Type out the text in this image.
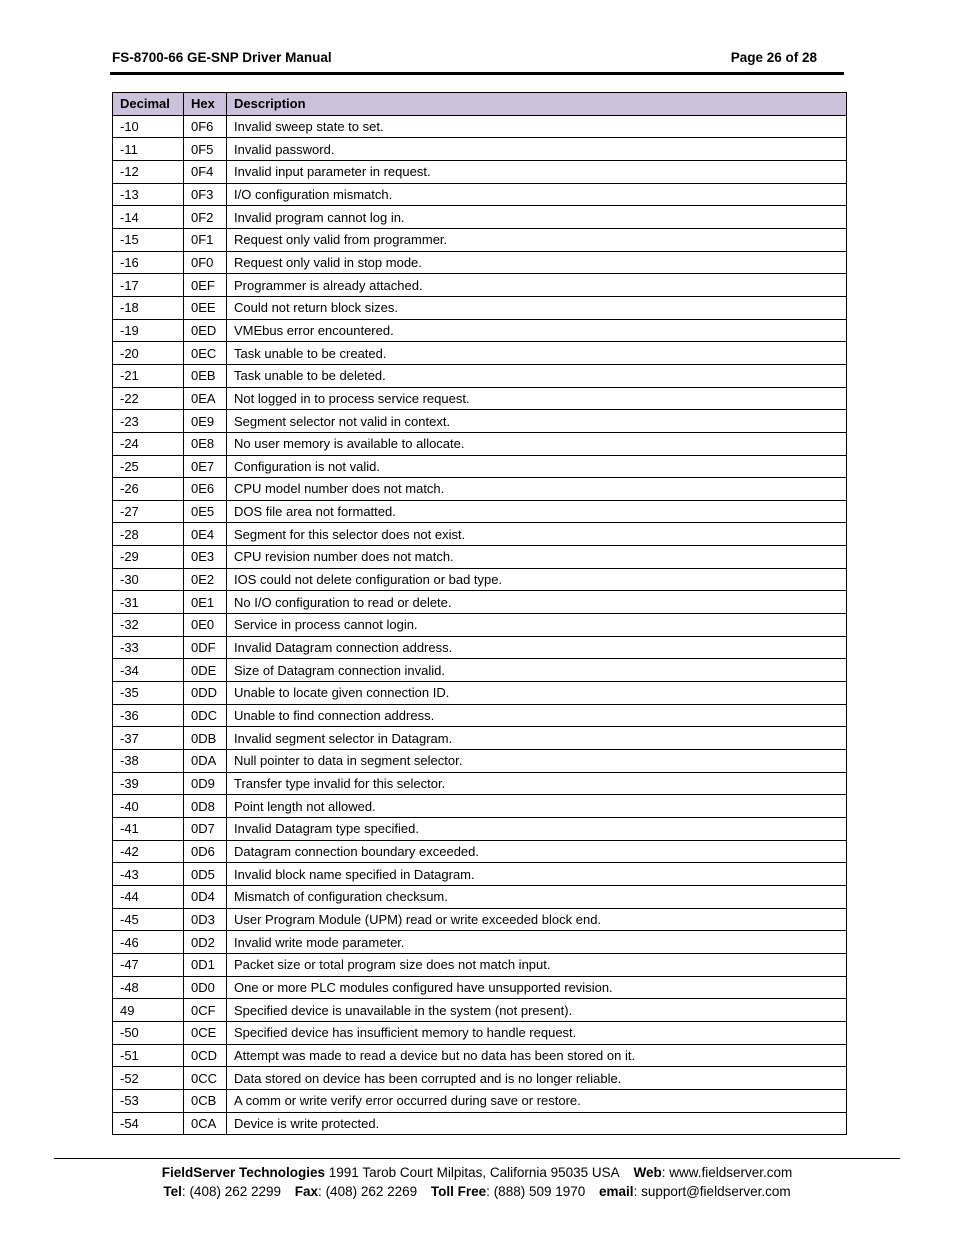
FS-8700-66 GE-SNP Driver Manual	Page 26 of 28
Decimal	Hex	Description
-10	0F6	Invalid sweep state to set.
-11	0F5	Invalid password.
-12	0F4	Invalid input parameter in request.
-13	0F3	I/O configuration mismatch.
-14	0F2	Invalid program cannot log in.
-15	0F1	Request only valid from programmer.
-16	0F0	Request only valid in stop mode.
-17	0EF	Programmer is already attached.
-18	0EE	Could not return block sizes.
-19	0ED	VMEbus error encountered.
-20	0EC	Task unable to be created.
-21	0EB	Task unable to be deleted.
-22	0EA	Not logged in to process service request.
-23	0E9	Segment selector not valid in context.
-24	0E8	No user memory is available to allocate.
-25	0E7	Configuration is not valid.
-26	0E6	CPU model number does not match.
-27	0E5	DOS file area not formatted.
-28	0E4	Segment for this selector does not exist.
-29	0E3	CPU revision number does not match.
-30	0E2	IOS could not delete configuration or bad type.
-31	0E1	No I/O configuration to read or delete.
-32	0E0	Service in process cannot login.
-33	0DF	Invalid Datagram connection address.
-34	0DE	Size of Datagram connection invalid.
-35	0DD	Unable to locate given connection ID.
-36	0DC	Unable to find connection address.
-37	0DB	Invalid segment selector in Datagram.
-38	0DA	Null pointer to data in segment selector.
-39	0D9	Transfer type invalid for this selector.
-40	0D8	Point length not allowed.
-41	0D7	Invalid Datagram type specified.
-42	0D6	Datagram connection boundary exceeded.
-43	0D5	Invalid block name specified in Datagram.
-44	0D4	Mismatch of configuration checksum.
-45	0D3	User Program Module (UPM) read or write exceeded block end.
-46	0D2	Invalid write mode parameter.
-47	0D1	Packet size or total program size does not match input.
-48	0D0	One or more PLC modules configured have unsupported revision.
49	0CF	Specified device is unavailable in the system (not present).
-50	0CE	Specified device has insufficient memory to handle request.
-51	0CD	Attempt was made to read a device but no data has been stored on it.
-52	0CC	Data stored on device has been corrupted and is no longer reliable.
-53	0CB	A comm or write verify error occurred during save or restore.
-54	0CA	Device is write protected.
FieldServer Technologies 1991 Tarob Court Milpitas, California 95035 USA Web: www.fieldserver.com
Tel: (408) 262 2299 Fax: (408) 262 2269 Toll Free: (888) 509 1970 email: support@fieldserver.com
